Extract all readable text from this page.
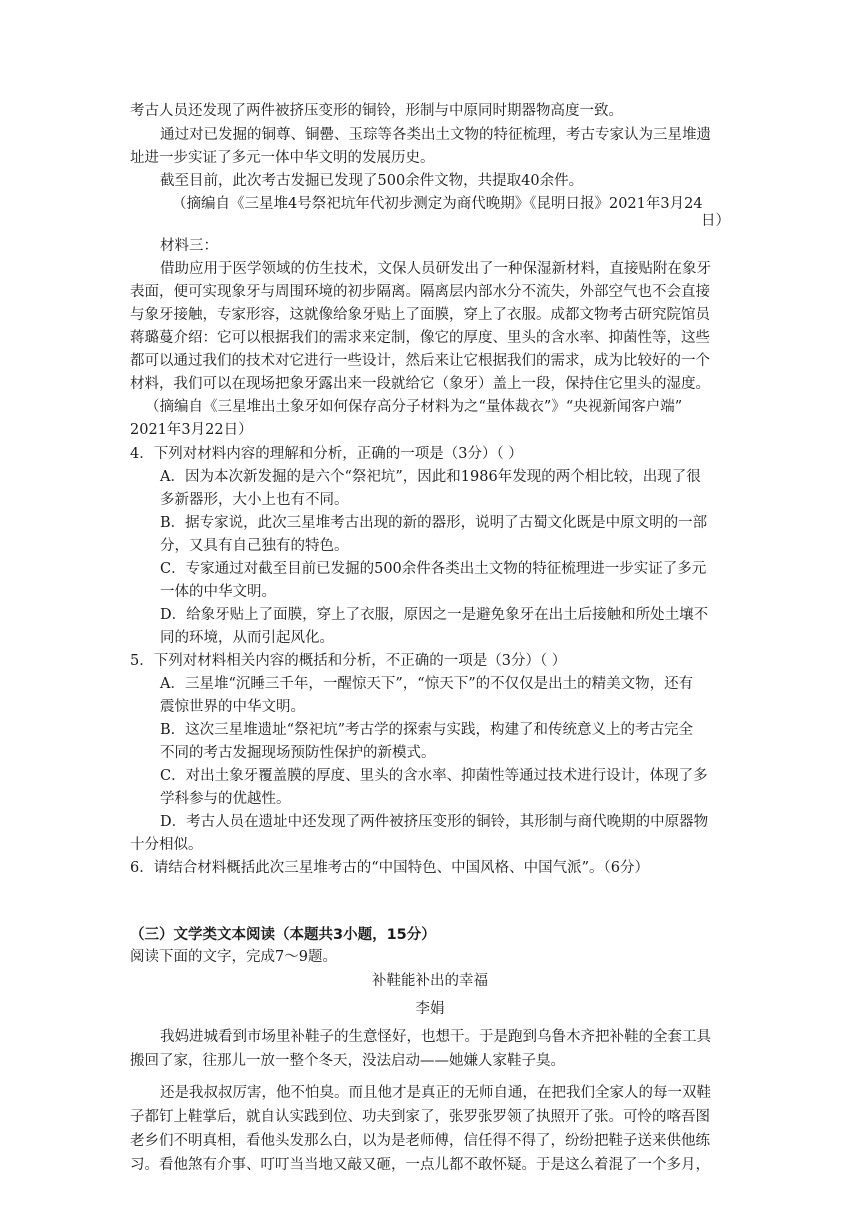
考古人员还发现了两件被挤压变形的铜铃，形制与中原同时期器物高度一致。
通过对已发掘的铜尊、铜罍、玉琮等各类出土文物的特征梳理，考古专家认为三星堆遗
址进一步实证了多元一体中华文明的发展历史。
截至目前，此次考古发掘已发现了500余件文物，共提取40余件。
（摘编自《三星堆4号祭祀坑年代初步测定为商代晚期》《昆明日报》2021年3月24
日）
材料三：
借助应用于医学领域的仿生技术，文保人员研发出了一种保湿新材料，直接贴附在象牙
表面，便可实现象牙与周围环境的初步隔离。隔离层内部水分不流失，外部空气也不会直接
与象牙接触，专家形容，这就像给象牙贴上了面膜，穿上了衣服。成都文物考古研究院馆员
蒋璐蔓介绍：它可以根据我们的需求来定制，像它的厚度、里头的含水率、抑菌性等，这些
都可以通过我们的技术对它进行一些设计，然后来让它根据我们的需求，成为比较好的一个
材料，我们可以在现场把象牙露出来一段就给它（象牙）盖上一段，保持住它里头的湿度。
（摘编自《三星堆出土象牙如何保存高分子材料为之“量体裁衣”》“央视新闻客户端”
2021年3月22日）
4．下列对材料内容的理解和分析，正确的一项是（3分）（ ）
A．因为本次新发掘的是六个“祭祀坑”，因此和1986年发现的两个相比较，出现了很
多新器形，大小上也有不同。
B．据专家说，此次三星堆考古出现的新的器形，说明了古蜀文化既是中原文明的一部
分，又具有自己独有的特色。
C．专家通过对截至目前已发掘的500余件各类出土文物的特征梳理进一步实证了多元
一体的中华文明。
D．给象牙贴上了面膜，穿上了衣服，原因之一是避免象牙在出土后接触和所处土壤不
同的环境，从而引起风化。
5．下列对材料相关内容的概括和分析，不正确的一项是（3分）（ ）
A．三星堆“沉睡三千年，一醒惊天下”，“惊天下”的不仅仅是出土的精美文物，还有
震惊世界的中华文明。
B．这次三星堆遗址“祭祀坑”考古学的探索与实践，构建了和传统意义上的考古完全
不同的考古发掘现场预防性保护的新模式。
C．对出土象牙覆盖膜的厚度、里头的含水率、抑菌性等通过技术进行设计，体现了多
学科参与的优越性。
D．考古人员在遗址中还发现了两件被挤压变形的铜铃，其形制与商代晚期的中原器物
十分相似。
6．请结合材料概括此次三星堆考古的“中国特色、中国风格、中国气派”。（6分）
（三）文学类文本阅读（本题共3小题，15分）
阅读下面的文字，完成7～9题。
补鞋能补出的幸福
李娟
我妈进城看到市场里补鞋子的生意怪好，也想干。于是跑到乌鲁木齐把补鞋的全套工具
搬回了家，往那儿一放一整个冬天，没法启动——她嫌人家鞋子臭。
还是我叔叔厉害，他不怕臭。而且他才是真正的无师自通，在把我们全家人的每一双鞋
子都钉上鞋掌后，就自认实践到位、功夫到家了，张罗张罗领了执照开了张。可怜的喀吾图
老乡们不明真相，看他头发那么白，以为是老师傅，信任得不得了，纷纷把鞋子送来供他练
习。看他煞有介事、叮叮当当地又敲又砸，一点儿都不敢怀疑。于是这么着混了一个多月，
